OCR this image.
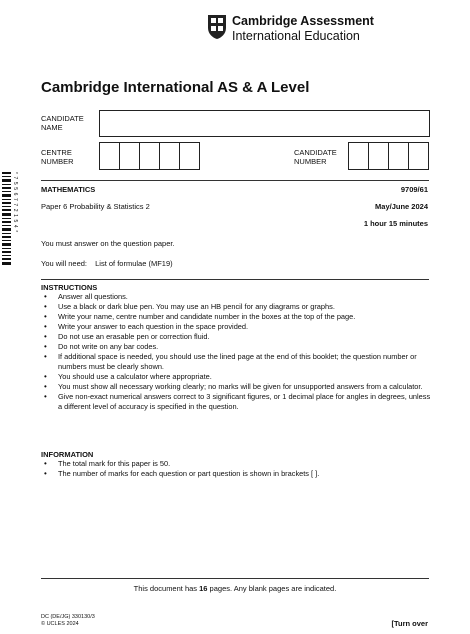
Cambridge Assessment
International Education
Cambridge International AS & A Level
CANDIDATE
NAME
CENTRE
NUMBER
CANDIDATE
NUMBER
* 7 5 5 6 7 7 2 1 5 4 *	MATHEMATICS	9709/61
Paper 6 Probability & Statistics 2	May/June 2024
1 hour 15 minutes
You must answer on the question paper.
You will need: List of formulae (MF19)
INSTRUCTIONS
• Answer all questions.
• Use a black or dark blue pen. You may use an HB pencil for any diagrams or graphs.
• Write your name, centre number and candidate number in the boxes at the top of the page.
• Write your answer to each question in the space provided.
• Do not use an erasable pen or correction fluid.
• Do not write on any bar codes.
• If additional space is needed, you should use the lined page at the end of this booklet; the question number or numbers must be clearly shown.
• You should use a calculator where appropriate.
• You must show all necessary working clearly; no marks will be given for unsupported answers from a calculator.
• Give non-exact numerical answers correct to 3 significant figures, or 1 decimal place for angles in degrees, unless a different level of accuracy is specified in the question.
INFORMATION
• The total mark for this paper is 50.
• The number of marks for each question or part question is shown in brackets [ ].
This document has 16 pages. Any blank pages are indicated.
DC (DE/JG) 330130/3
© UCLES 2024	[Turn over
